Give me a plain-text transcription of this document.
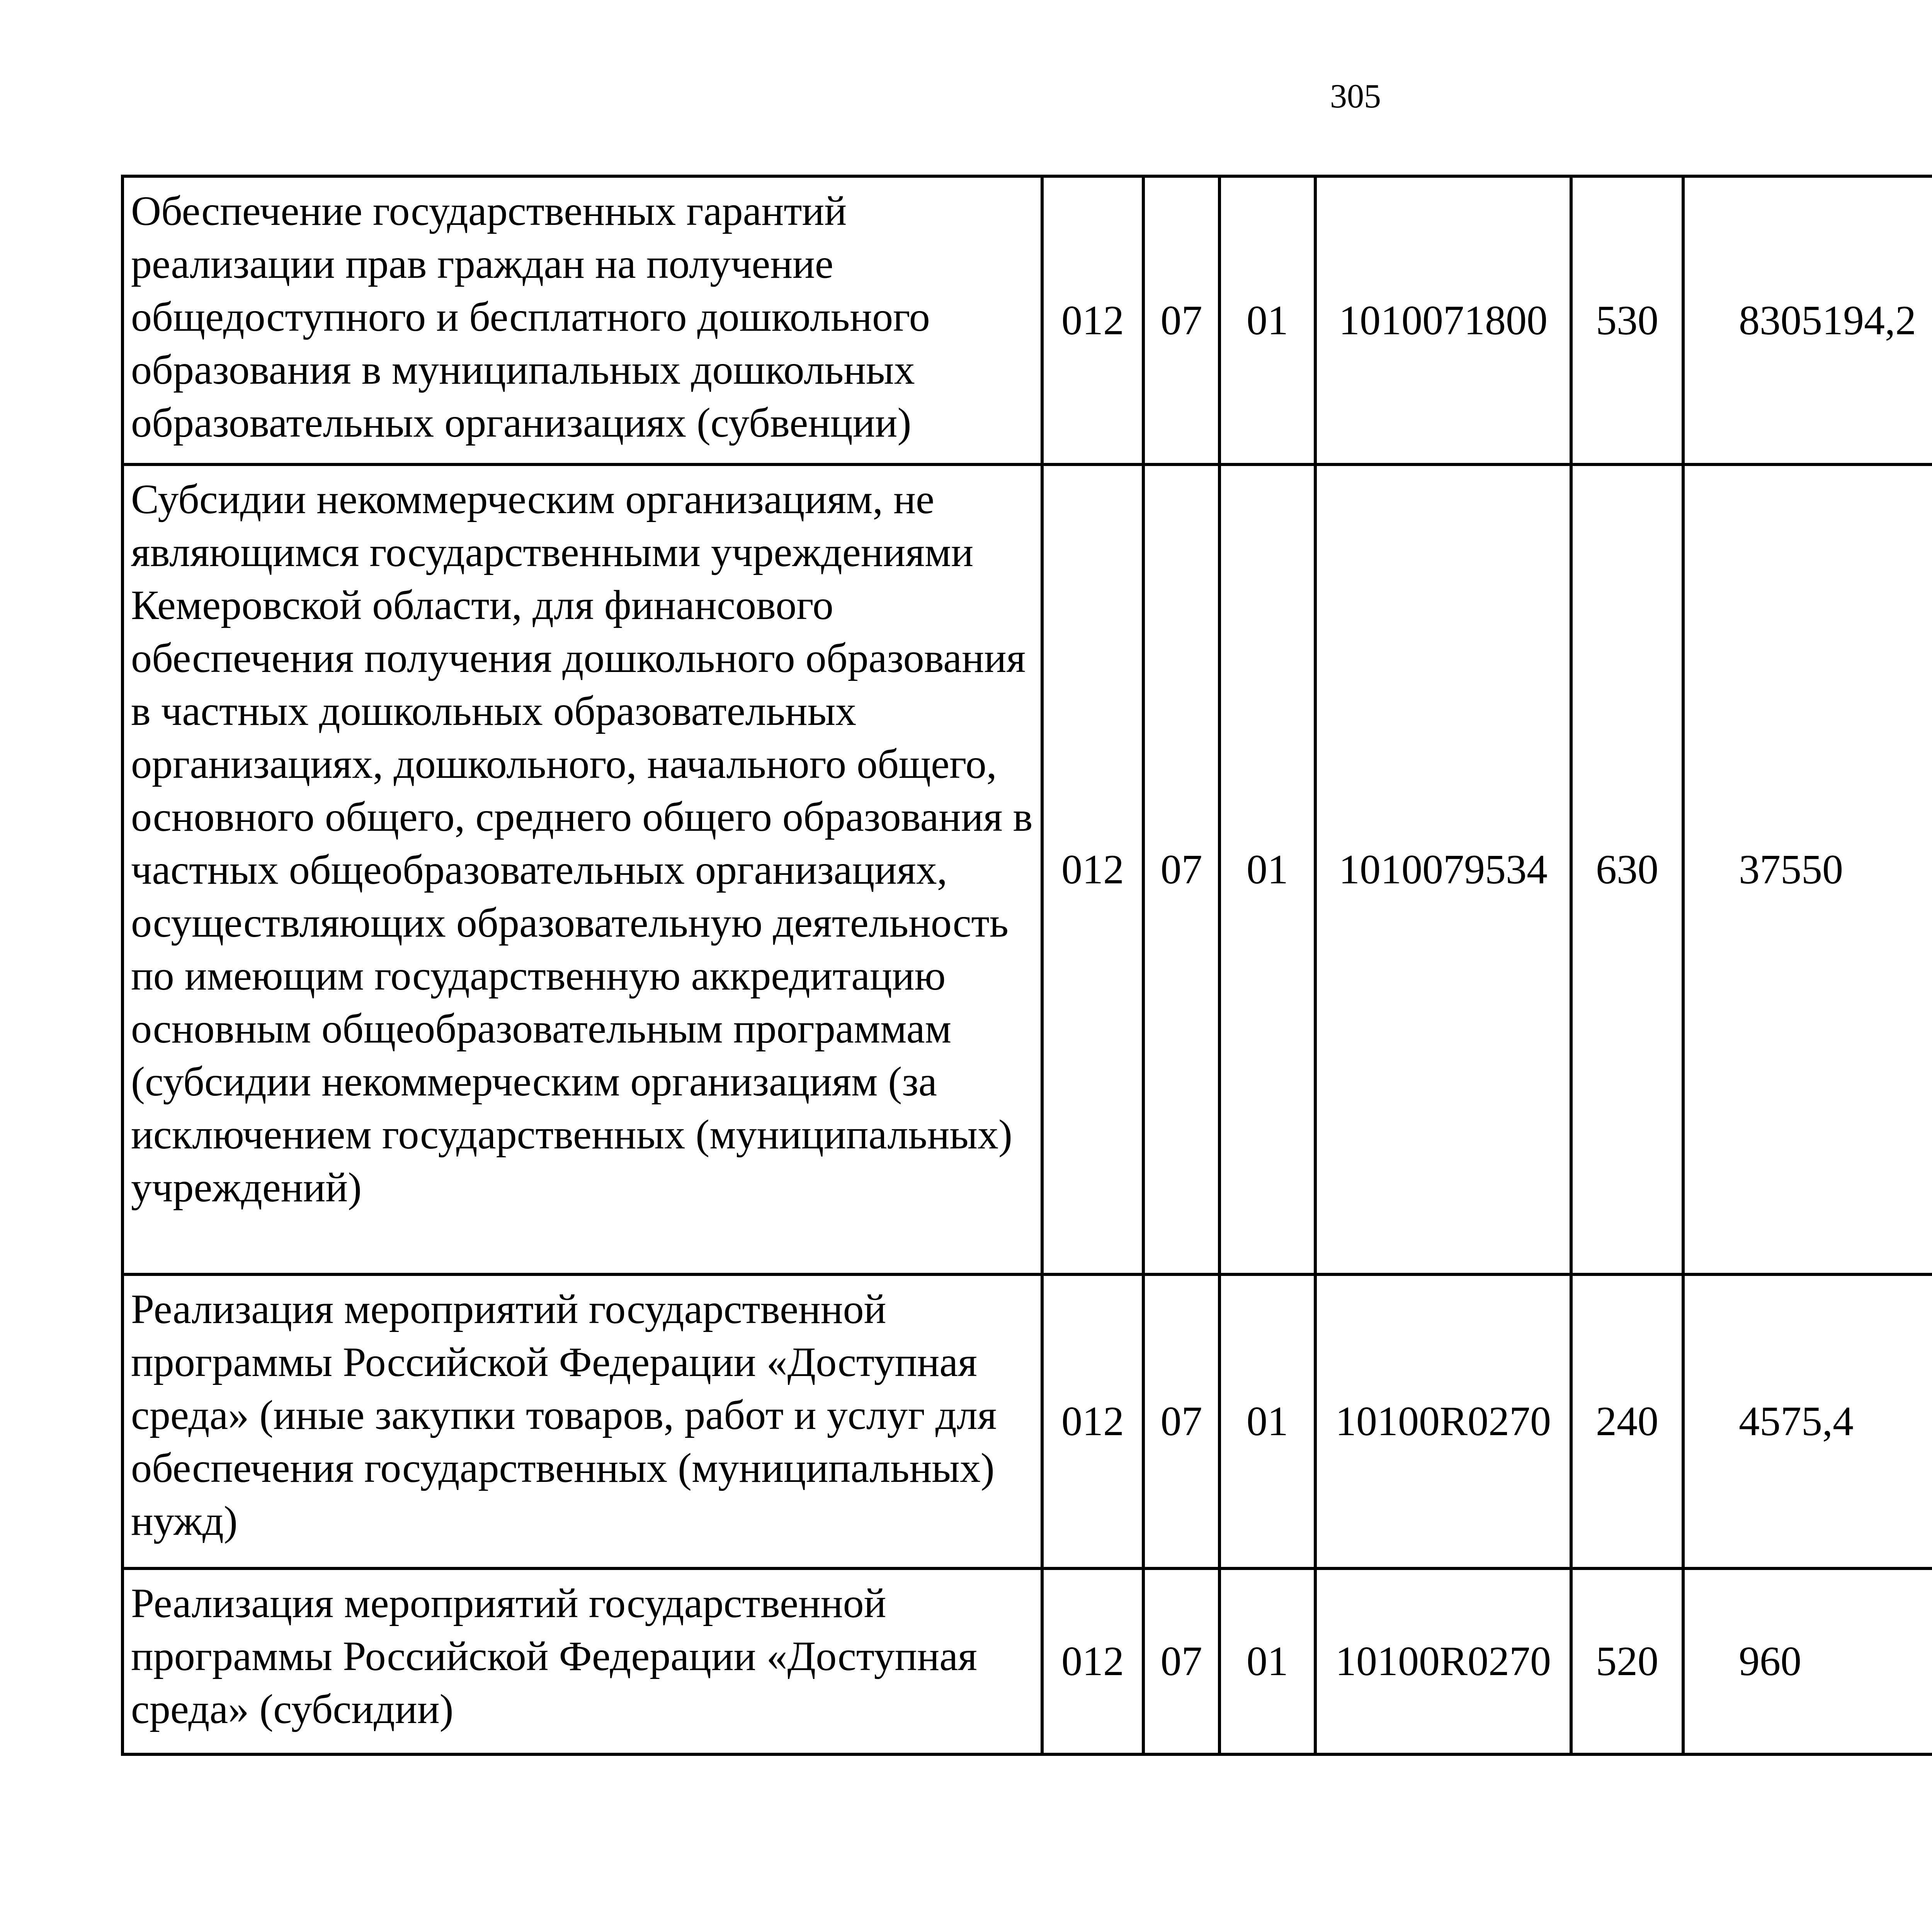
305
Обеспечение государственных гарантий реализации прав граждан на получение общедоступного и бесплатного дошкольного образования в муниципальных дошкольных образовательных организациях (субвенции)	012	07	01	1010071800	530	8305194,2		
Субсидии некоммерческим организациям, не являющимся государственными учреждениями Кемеровской области, для финансового обеспечения получения дошкольного образования в частных дошкольных образовательных организациях, дошкольного, начального общего, основного общего, среднего общего образования в частных общеобразовательных организациях, осуществляющих образовательную деятельность по имеющим государственную аккредитацию основным общеобразовательным программам (субсидии некоммерческим организациям (за исключением государственных (муниципальных) учреждений)	012	07	01	1010079534	630	37550		
Реализация мероприятий государственной программы Российской Федерации «Доступная среда» (иные закупки товаров, работ и услуг для обеспечения государственных (муниципальных) нужд)	012	07	01	10100R0270	240	4575,4		
Реализация мероприятий государственной программы Российской Федерации «Доступная среда» (субсидии)	012	07	01	10100R0270	520	960		
